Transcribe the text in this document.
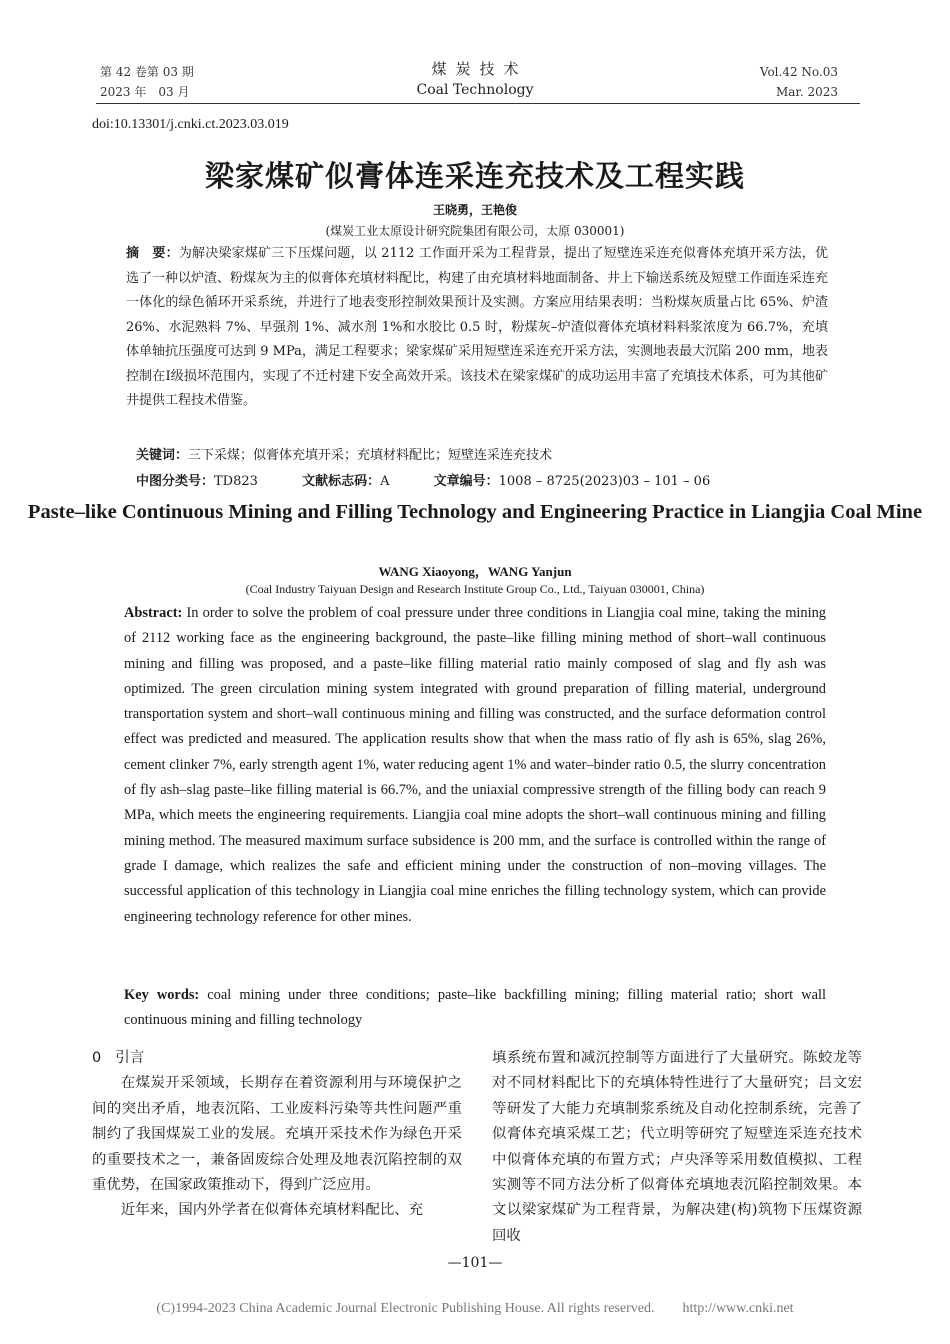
第 42 卷第 03 期
2023 年　03 月
煤炭技术
Coal Technology
Vol.42 No.03
Mar. 2023
doi:10.13301/j.cnki.ct.2023.03.019
梁家煤矿似膏体连采连充技术及工程实践
王晓勇，王艳俊
(煤炭工业太原设计研究院集团有限公司，太原 030001)
摘　要：为解决梁家煤矿三下压煤问题，以 2112 工作面开采为工程背景，提出了短壁连采连充似膏体充填开采方法，优选了一种以炉渣、粉煤灰为主的似膏体充填材料配比，构建了由充填材料地面制备、井上下输送系统及短壁工作面连采连充一体化的绿色循环开采系统，并进行了地表变形控制效果预计及实测。方案应用结果表明：当粉煤灰质量占比 65%、炉渣 26%、水泥熟料 7%、早强剂 1%、减水剂 1%和水胶比 0.5 时，粉煤灰–炉渣似膏体充填材料料浆浓度为 66.7%，充填体单轴抗压强度可达到 9 MPa，满足工程要求；梁家煤矿采用短壁连采连充开采方法，实测地表最大沉陷 200 mm，地表控制在Ⅰ级损坏范围内，实现了不迁村建下安全高效开采。该技术在梁家煤矿的成功运用丰富了充填技术体系，可为其他矿井提供工程技术借鉴。
关键词：三下采煤；似膏体充填开采；充填材料配比；短壁连采连充技术
中图分类号：TD823	文献标志码：A	文章编号：1008 – 8725(2023)03 – 101 – 06
Paste–like Continuous Mining and Filling Technology and Engineering Practice in Liangjia Coal Mine
WANG Xiaoyong，WANG Yanjun
(Coal Industry Taiyuan Design and Research Institute Group Co., Ltd., Taiyuan 030001, China)
Abstract: In order to solve the problem of coal pressure under three conditions in Liangjia coal mine, taking the mining of 2112 working face as the engineering background, the paste–like filling mining method of short–wall continuous mining and filling was proposed, and a paste–like filling material ratio mainly composed of slag and fly ash was optimized. The green circulation mining system integrated with ground preparation of filling material, underground transportation system and short–wall continuous mining and filling was constructed, and the surface deformation control effect was predicted and measured. The application results show that when the mass ratio of fly ash is 65%, slag 26%, cement clinker 7%, early strength agent 1%, water reducing agent 1% and water–binder ratio 0.5, the slurry concentration of fly ash–slag paste–like filling material is 66.7%, and the uniaxial compressive strength of the filling body can reach 9 MPa, which meets the engineering requirements. Liangjia coal mine adopts the short–wall continuous mining and filling mining method. The measured maximum surface subsidence is 200 mm, and the surface is controlled within the range of grade I damage, which realizes the safe and efficient mining under the construction of non–moving villages. The successful application of this technology in Liangjia coal mine enriches the filling technology system, which can provide engineering technology reference for other mines.
Key words: coal mining under three conditions; paste–like backfilling mining; filling material ratio; short wall continuous mining and filling technology
0 引言
在煤炭开采领域，长期存在着资源利用与环境保护之间的突出矛盾，地表沉陷、工业废料污染等共性问题严重制约了我国煤炭工业的发展。充填开采技术作为绿色开采的重要技术之一，兼备固废综合处理及地表沉陷控制的双重优势，在国家政策推动下，得到广泛应用。
近年来，国内外学者在似膏体充填材料配比、充
填系统布置和减沉控制等方面进行了大量研究。陈蛟龙等对不同材料配比下的充填体特性进行了大量研究；吕文宏等研发了大能力充填制浆系统及自动化控制系统，完善了似膏体充填采煤工艺；代立明等研究了短壁连采连充技术中似膏体充填的布置方式；卢央泽等采用数值模拟、工程实测等不同方法分析了似膏体充填地表沉陷控制效果。本文以梁家煤矿为工程背景，为解决建(构)筑物下压煤资源回收
—101—
(C)1994-2023 China Academic Journal Electronic Publishing House. All rights reserved.　　http://www.cnki.net
